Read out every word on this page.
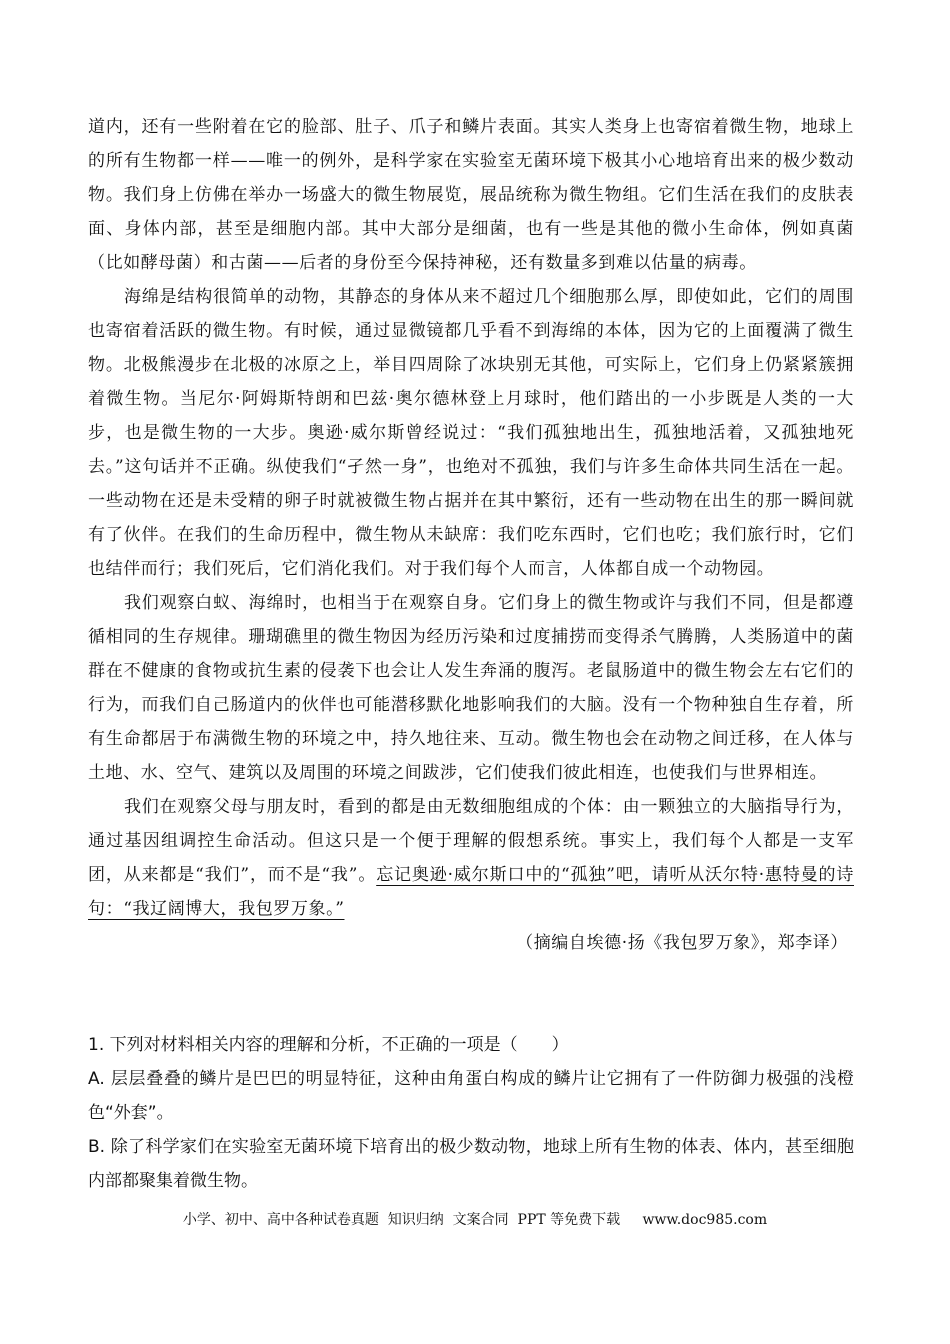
道内，还有一些附着在它的脸部、肚子、爪子和鳞片表面。其实人类身上也寄宿着微生物，地球上的所有生物都一样——唯一的例外，是科学家在实验室无菌环境下极其小心地培育出来的极少数动物。我们身上仿佛在举办一场盛大的微生物展览，展品统称为微生物组。它们生活在我们的皮肤表面、身体内部，甚至是细胞内部。其中大部分是细菌，也有一些是其他的微小生命体，例如真菌（比如酵母菌）和古菌——后者的身份至今保持神秘，还有数量多到难以估量的病毒。

海绵是结构很简单的动物，其静态的身体从来不超过几个细胞那么厚，即使如此，它们的周围也寄宿着活跃的微生物。有时候，通过显微镜都几乎看不到海绵的本体，因为它的上面覆满了微生物。北极熊漫步在北极的冰原之上，举目四周除了冰块别无其他，可实际上，它们身上仍紧紧簇拥着微生物。当尼尔·阿姆斯特朗和巴兹·奥尔德林登上月球时，他们踏出的一小步既是人类的一大步，也是微生物的一大步。奥逊·威尔斯曾经说过：“我们孤独地出生，孤独地活着，又孤独地死去。”这句话并不正确。纵使我们“孑然一身”，也绝对不孤独，我们与许多生命体共同生活在一起。一些动物在还是未受精的卵子时就被微生物占据并在其中繁衍，还有一些动物在出生的那一瞬间就有了伙伴。在我们的生命历程中，微生物从未缺席：我们吃东西时，它们也吃；我们旅行时，它们也结伴而行；我们死后，它们消化我们。对于我们每个人而言，人体都自成一个动物园。

我们观察白蚁、海绵时，也相当于在观察自身。它们身上的微生物或许与我们不同，但是都遵循相同的生存规律。珊瑚礁里的微生物因为经历污染和过度捕捞而变得杀气腾腾，人类肠道中的菌群在不健康的食物或抗生素的侵袭下也会让人发生奔涌的腹泻。老鼠肠道中的微生物会左右它们的行为，而我们自己肠道内的伙伴也可能潜移默化地影响我们的大脑。没有一个物种独自生存着，所有生命都居于布满微生物的环境之中，持久地往来、互动。微生物也会在动物之间迁移，在人体与土地、水、空气、建筑以及周围的环境之间跋涉，它们使我们彼此相连，也使我们与世界相连。

我们在观察父母与朋友时，看到的都是由无数细胞组成的个体：由一颗独立的大脑指导行为，通过基因组调控生命活动。但这只是一个便于理解的假想系统。事实上，我们每个人都是一支军团，从来都是“我们”，而不是“我”。忘记奥逊·威尔斯口中的“孤独”吧，请听从沃尔特·惠特曼的诗句：“我辽阔博大，我包罗万象。”

（摘编自埃德·扬《我包罗万象》，郑李译）

1. 下列对材料相关内容的理解和分析，不正确的一项是（　　）

A. 层层叠叠的鳞片是巴巴的明显特征，这种由角蛋白构成的鳞片让它拥有了一件防御力极强的浅橙色“外套”。

B. 除了科学家们在实验室无菌环境下培育出的极少数动物，地球上所有生物的体表、体内，甚至细胞内部都聚集着微生物。

小学、初中、高中各种试卷真题  知识归纳  文案合同  PPT 等免费下载     www.doc985.com
